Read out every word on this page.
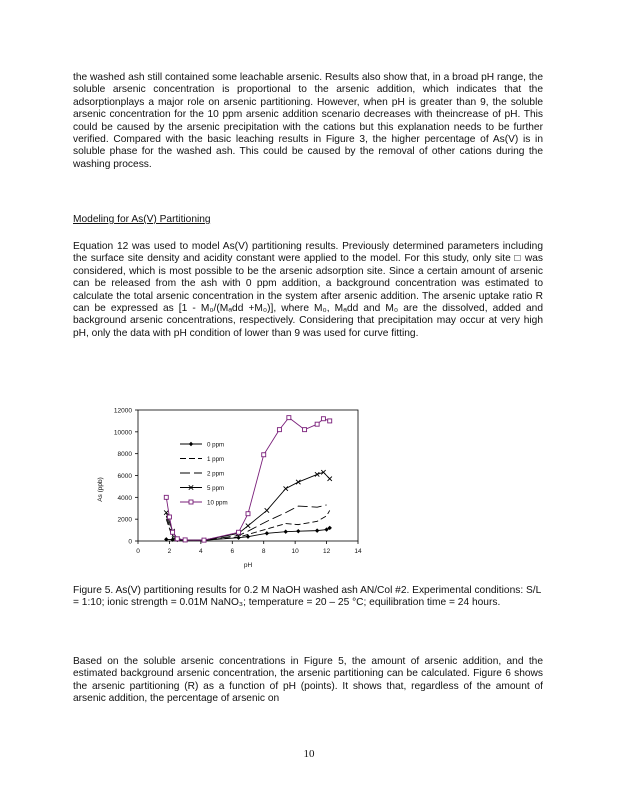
the washed ash still contained some leachable arsenic. Results also show that, in a broad pH range, the soluble arsenic concentration is proportional to the arsenic addition, which indicates that the adsorptionplays a major role on arsenic partitioning. However, when pH is greater than 9, the soluble arsenic concentration for the 10 ppm arsenic addition scenario decreases with theincrease of pH. This could be caused by the arsenic precipitation with the cations but this explanation needs to be further verified. Compared with the basic leaching results in Figure 3, the higher percentage of As(V) is in soluble phase for the washed ash. This could be caused by the removal of other cations during the washing process.

Modeling for As(V) Partitioning

Equation 12 was used to model As(V) partitioning results. Previously determined parameters including the surface site density and acidity constant were applied to the model. For this study, only site □ was considered, which is most possible to be the arsenic adsorption site. Since a certain amount of arsenic can be released from the ash with 0 ppm addition, a background concentration was estimated to calculate the total arsenic concentration in the system after arsenic addition. The arsenic uptake ratio R can be expressed as [1 - M₀/(Mₐdd +M₀)], where M₀, Mₐdd and M₀ are the dissolved, added and background arsenic concentrations, respectively. Considering that precipitation may occur at very high pH, only the data with pH condition of lower than 9 was used for curve fitting.

0	2	4	6	8	10	12	14
0
2000
4000
6000
8000
10000
12000
pH
As (ppb)
0 ppm
1 ppm
2 ppm
5 ppm
10 ppm

Figure 5. As(V) partitioning results for 0.2 M NaOH washed ash AN/Col #2. Experimental conditions: S/L = 1:10; ionic strength = 0.01M NaNO₃; temperature = 20 – 25 °C; equilibration time = 24 hours.

Based on the soluble arsenic concentrations in Figure 5, the amount of arsenic addition, and the estimated background arsenic concentration, the arsenic partitioning can be calculated. Figure 6 shows the arsenic partitioning (R) as a function of pH (points). It shows that, regardless of the amount of arsenic addition, the percentage of arsenic on

10
